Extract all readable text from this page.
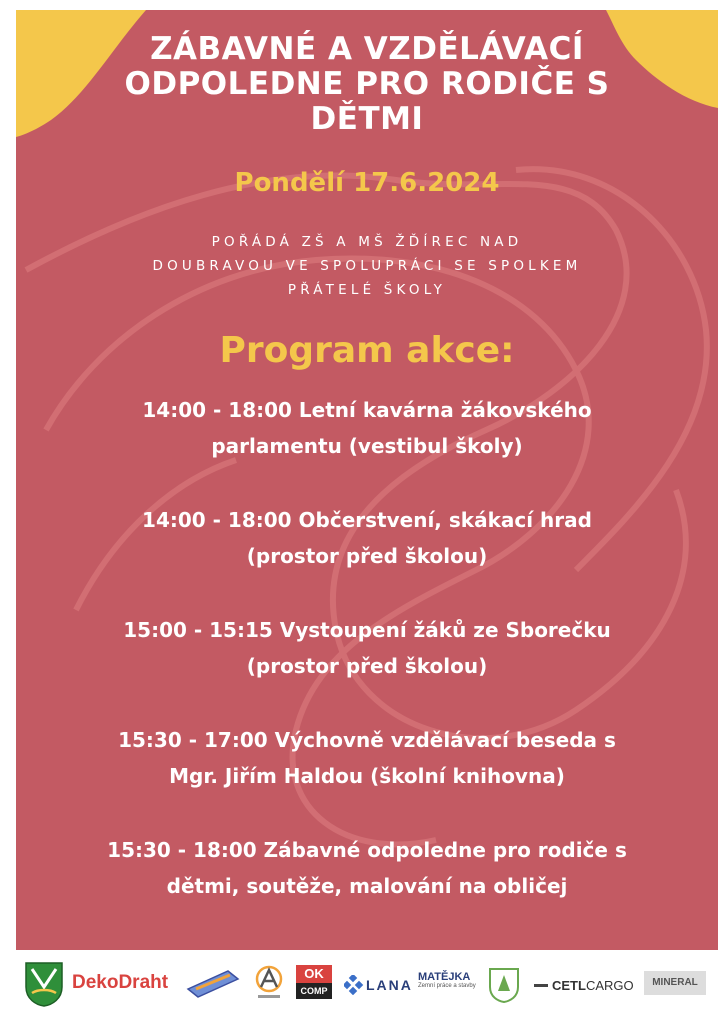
ZÁBAVNÉ A VZDĚLÁVACÍ
ODPOLEDNE PRO RODIČE S
DĚTMI
Pondělí 17.6.2024
POŘÁDÁ ZŠ A MŠ ŽĎÍREC NAD
DOUBRAVOU VE SPOLUPRÁCI SE SPOLKEM
PŘÁTELÉ ŠKOLY
Program akce:
14:00 - 18:00 Letní kavárna žákovského
parlamentu (vestibul školy)
14:00 - 18:00 Občerstvení, skákací hrad
(prostor před školou)
15:00 - 15:15 Vystoupení žáků ze Sborečku
(prostor před školou)
15:30 - 17:00 Výchovně vzdělávací beseda s
Mgr. Jiřím Haldou (školní knihovna)
15:30 - 18:00 Zábavné odpoledne pro rodiče s
dětmi, soutěže, malování na obličej
DekoDraht	OK
COMP	LANA MATĚJKA
Zemní práce a stavby	CETLCARGO	MINERAL
